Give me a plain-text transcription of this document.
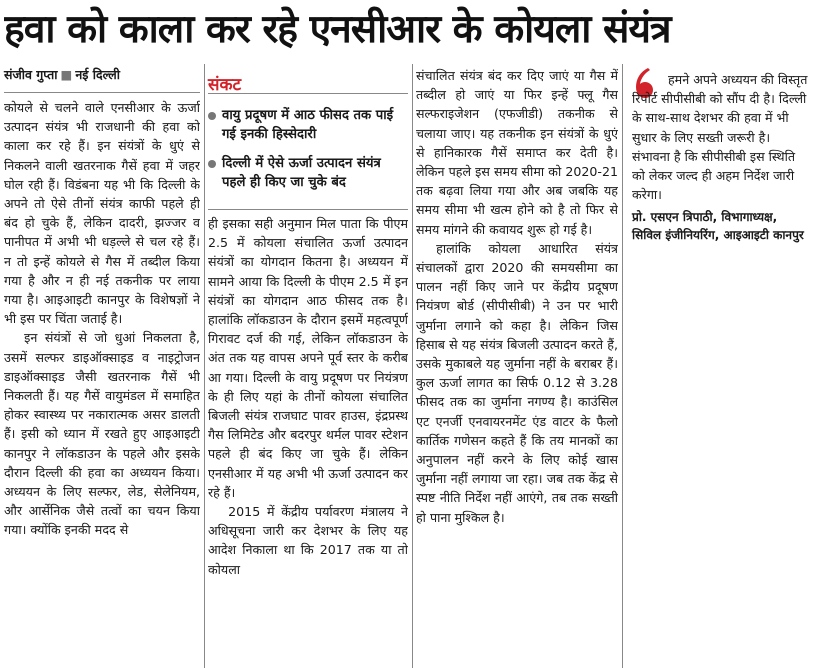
हवा को काला कर रहे एनसीआर के कोयला संयंत्र
संजीव गुप्ता ■ नई दिल्ली

कोयले से चलने वाले एनसीआर के ऊर्जा उत्पादन संयंत्र भी राजधानी की हवा को काला कर रहे हैं। इन संयंत्रों के धुएं से निकलने वाली खतरनाक गैसें हवा में जहर घोल रही हैं। विडंबना यह भी कि दिल्ली के अपने तो ऐसे तीनों संयंत्र काफी पहले ही बंद हो चुके हैं, लेकिन दादरी, झज्जर व पानीपत में अभी भी धड़ल्ले से चल रहे हैं। न तो इन्हें कोयले से गैस में तब्दील किया गया है और न ही नई तकनीक पर लाया गया है। आइआइटी कानपुर के विशेषज्ञों ने भी इस पर चिंता जताई है।

इन संयंत्रों से जो धुआं निकलता है, उसमें सल्फर डाइऑक्साइड व नाइट्रोजन डाइऑक्साइड जैसी खतरनाक गैसें भी निकलती हैं। यह गैसें वायुमंडल में समाहित होकर स्वास्थ्य पर नकारात्मक असर डालती हैं। इसी को ध्यान में रखते हुए आइआइटी कानपुर ने लॉकडाउन के पहले और इसके दौरान दिल्ली की हवा का अध्ययन किया। अध्ययन के लिए सल्फर, लेड, सेलेनियम, और आर्सेनिक जैसे तत्वों का चयन किया गया। क्योंकि इनकी मदद से

संकट
वायु प्रदूषण में आठ फीसद तक पाई गई इनकी हिस्सेदारी
दिल्ली में ऐसे ऊर्जा उत्पादन संयंत्र पहले ही किए जा चुके बंद

ही इसका सही अनुमान मिल पाता कि पीएम 2.5 में कोयला संचालित ऊर्जा उत्पादन संयंत्रों का योगदान कितना है। अध्ययन में सामने आया कि दिल्ली के पीएम 2.5 में इन संयंत्रों का योगदान आठ फीसद तक है। हालांकि लॉकडाउन के दौरान इसमें महत्वपूर्ण गिरावट दर्ज की गई, लेकिन लॉकडाउन के अंत तक यह वापस अपने पूर्व स्तर के करीब आ गया। दिल्ली के वायु प्रदूषण पर नियंत्रण के ही लिए यहां के तीनों कोयला संचालित बिजली संयंत्र राजघाट पावर हाउस, इंद्रप्रस्थ गैस लिमिटेड और बदरपुर थर्मल पावर स्टेशन पहले ही बंद किए जा चुके हैं। लेकिन एनसीआर में यह अभी भी ऊर्जा उत्पादन कर रहे हैं।

2015 में केंद्रीय पर्यावरण मंत्रालय ने अधिसूचना जारी कर देशभर के लिए यह आदेश निकाला था कि 2017 तक या तो कोयला

संचालित संयंत्र बंद कर दिए जाएं या गैस में तब्दील हो जाएं या फिर इन्हें फ्लू गैस सल्फराइजेशन (एफजीडी) तकनीक से चलाया जाए। यह तकनीक इन संयंत्रों के धुएं से हानिकारक गैसें समाप्त कर देती है। लेकिन पहले इस समय सीमा को 2020-21 तक बढ़वा लिया गया और अब जबकि यह समय सीमा भी खत्म होने को है तो फिर से समय मांगने की कवायद शुरू हो गई है।

हालांकि कोयला आधारित संयंत्र संचालकों द्वारा 2020 की समयसीमा का पालन नहीं किए जाने पर केंद्रीय प्रदूषण नियंत्रण बोर्ड (सीपीसीबी) ने उन पर भारी जुर्माना लगाने को कहा है। लेकिन जिस हिसाब से यह संयंत्र बिजली उत्पादन करते हैं, उसके मुकाबले यह जुर्माना नहीं के बराबर हैं। कुल ऊर्जा लागत का सिर्फ 0.12 से 3.28 फीसद तक का जुर्माना नगण्य है। काउंसिल एट एनर्जी एनवायरनमेंट एंड वाटर के फैलो कार्तिक गणेसन कहते हैं कि तय मानकों का अनुपालन नहीं करने के लिए कोई खास जुर्माना नहीं लगाया जा रहा। जब तक केंद्र से स्पष्ट नीति निर्देश नहीं आएंगे, तब तक सख्ती हो पाना मुश्किल है।

हमने अपने अध्ययन की विस्तृत रिपोर्ट सीपीसीबी को सौंप दी है। दिल्ली के साथ-साथ देशभर की हवा में भी सुधार के लिए सख्ती जरूरी है। संभावना है कि सीपीसीबी इस स्थिति को लेकर जल्द ही अहम निर्देश जारी करेगा।
प्रो. एसएन त्रिपाठी, विभागाध्यक्ष, सिविल इंजीनियरिंग, आइआइटी कानपुर
